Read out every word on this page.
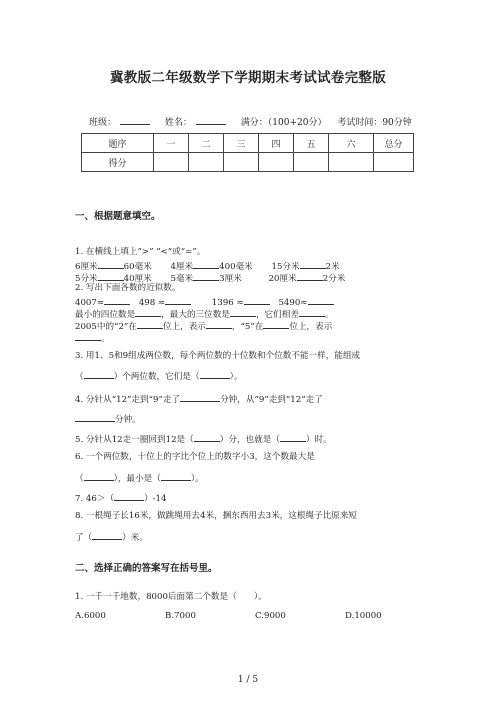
冀教版二年级数学下学期期末考试试卷完整版
班级：	姓名：	满分：（100+20分） 考试时间：90分钟
题序	一	二	三	四	五	六	总分
得分							
一、根据题意填空。
1. 在横线上填上“>” “<”或“=”。
6厘米	60毫米 4厘米	400毫米 15分米	2米
5分米	40厘米 5毫米	3厘米	20厘米	2分米
2. 写出下面各数的近似数。
4007≈	498 ≈	1396 ≈	5490≈
最小的四位数是	，最大的三位数是	，它们相差	。
2005中的“2”在	位上，表示	，“5”在	位上，表示
。
3. 用1、5和9组成两位数，每个两位数的十位数和个位数不能一样，能组成
（	）个两位数，它们是（	）。
4. 分针从“12”走到“9”走了	分钟，从“9”走到“12”走了
分钟。
5. 分针从12走一圈回到12是（	）分，也就是（	）时。
6. 一个两位数，十位上的字比个位上的数字小3，这个数最大是
（	），最小是（	）。
7. 46＞（	）-14
8. 一根绳子长16米，做跳绳用去4米，捆东西用去3米，这根绳子比原来短
了（	）米。
二、选择正确的答案写在括号里。
1. 一千一千地数，8000后面第二个数是（　　）。
A.6000	B.7000	C.9000	D.10000
1 / 5
